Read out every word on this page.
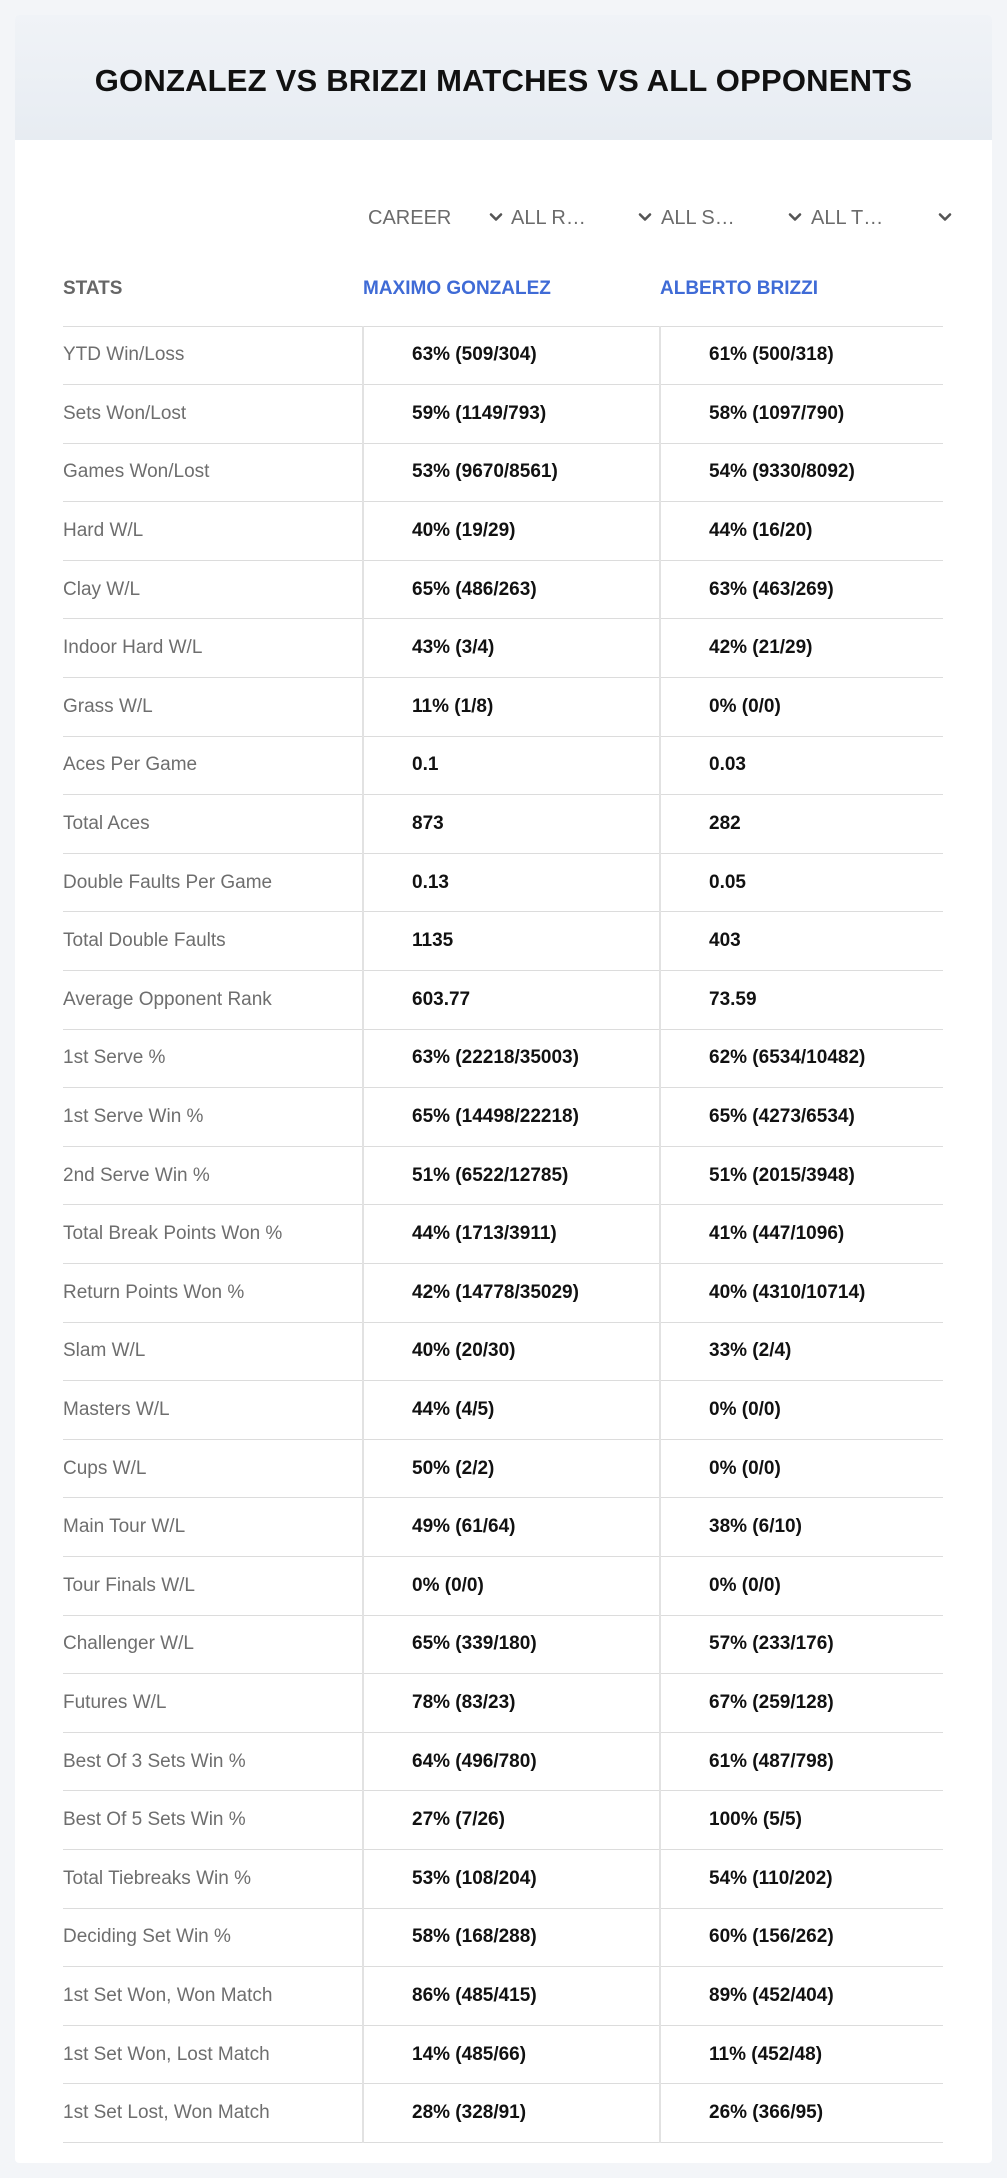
GONZALEZ VS BRIZZI MATCHES VS ALL OPPONENTS
CAREER	ALL R…	ALL S…	ALL T…
STATS	MAXIMO GONZALEZ	ALBERTO BRIZZI
YTD Win/Loss	63% (509/304)	61% (500/318)
Sets Won/Lost	59% (1149/793)	58% (1097/790)
Games Won/Lost	53% (9670/8561)	54% (9330/8092)
Hard W/L	40% (19/29)	44% (16/20)
Clay W/L	65% (486/263)	63% (463/269)
Indoor Hard W/L	43% (3/4)	42% (21/29)
Grass W/L	11% (1/8)	0% (0/0)
Aces Per Game	0.1	0.03
Total Aces	873	282
Double Faults Per Game	0.13	0.05
Total Double Faults	1135	403
Average Opponent Rank	603.77	73.59
1st Serve %	63% (22218/35003)	62% (6534/10482)
1st Serve Win %	65% (14498/22218)	65% (4273/6534)
2nd Serve Win %	51% (6522/12785)	51% (2015/3948)
Total Break Points Won %	44% (1713/3911)	41% (447/1096)
Return Points Won %	42% (14778/35029)	40% (4310/10714)
Slam W/L	40% (20/30)	33% (2/4)
Masters W/L	44% (4/5)	0% (0/0)
Cups W/L	50% (2/2)	0% (0/0)
Main Tour W/L	49% (61/64)	38% (6/10)
Tour Finals W/L	0% (0/0)	0% (0/0)
Challenger W/L	65% (339/180)	57% (233/176)
Futures W/L	78% (83/23)	67% (259/128)
Best Of 3 Sets Win %	64% (496/780)	61% (487/798)
Best Of 5 Sets Win %	27% (7/26)	100% (5/5)
Total Tiebreaks Win %	53% (108/204)	54% (110/202)
Deciding Set Win %	58% (168/288)	60% (156/262)
1st Set Won, Won Match	86% (485/415)	89% (452/404)
1st Set Won, Lost Match	14% (485/66)	11% (452/48)
1st Set Lost, Won Match	28% (328/91)	26% (366/95)
